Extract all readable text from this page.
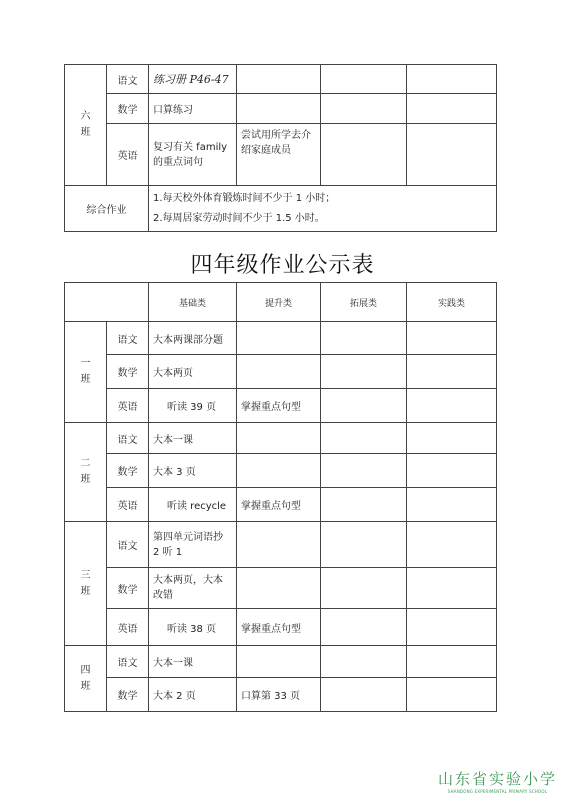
六
班	语文	练习册 P46-47			
	数学	口算练习			
	英语	复习有关 family 的重点词句	尝试用所学去介绍家庭成员		
综合作业		1.每天校外体育锻炼时间不少于 1 小时；
2.每周居家劳动时间不少于 1.5 小时。			
四年级作业公示表
		基础类	提升类	拓展类	实践类
一
班	语文	大本两课部分题			
	数学	大本两页			
	英语	听读 39 页	掌握重点句型		
二
班	语文	大本一课			
	数学	大本 3 页			
	英语	听读 recycle	掌握重点句型		
三
班	语文	第四单元词语抄 2 听 1			
	数学	大本两页，大本改错			
	英语	听读 38 页	掌握重点句型		
四
班	语文	大本一课			
	数学	大本 2 页	口算第 33 页		
山东省实验小学
SHANDONG EXPERIMENTAL PRIMARY SCHOOL
